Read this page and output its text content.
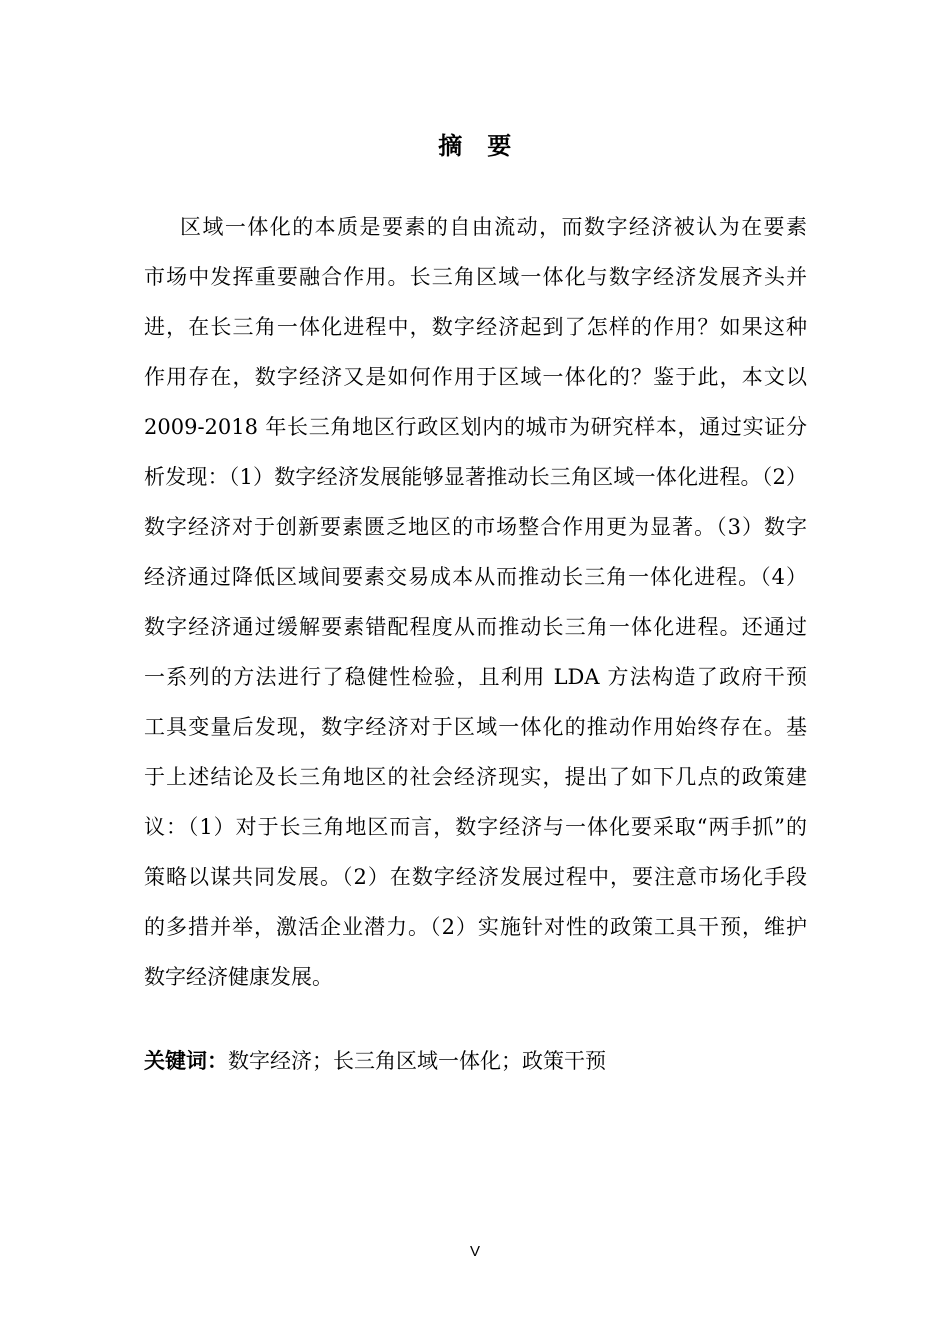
摘　要
区域一体化的本质是要素的自由流动，而数字经济被认为在要素
市场中发挥重要融合作用。长三角区域一体化与数字经济发展齐头并
进，在长三角一体化进程中，数字经济起到了怎样的作用？如果这种
作用存在，数字经济又是如何作用于区域一体化的？鉴于此，本文以
2009-2018 年长三角地区行政区划内的城市为研究样本，通过实证分
析发现：（1）数字经济发展能够显著推动长三角区域一体化进程。（2）
数字经济对于创新要素匮乏地区的市场整合作用更为显著。（3）数字
经济通过降低区域间要素交易成本从而推动长三角一体化进程。（4）
数字经济通过缓解要素错配程度从而推动长三角一体化进程。还通过
一系列的方法进行了稳健性检验，且利用 LDA 方法构造了政府干预
工具变量后发现，数字经济对于区域一体化的推动作用始终存在。基
于上述结论及长三角地区的社会经济现实，提出了如下几点的政策建
议：（1）对于长三角地区而言，数字经济与一体化要采取“两手抓”的
策略以谋共同发展。（2）在数字经济发展过程中，要注意市场化手段
的多措并举，激活企业潜力。（2）实施针对性的政策工具干预，维护
数字经济健康发展。
关键词：数字经济；长三角区域一体化；政策干预
V
